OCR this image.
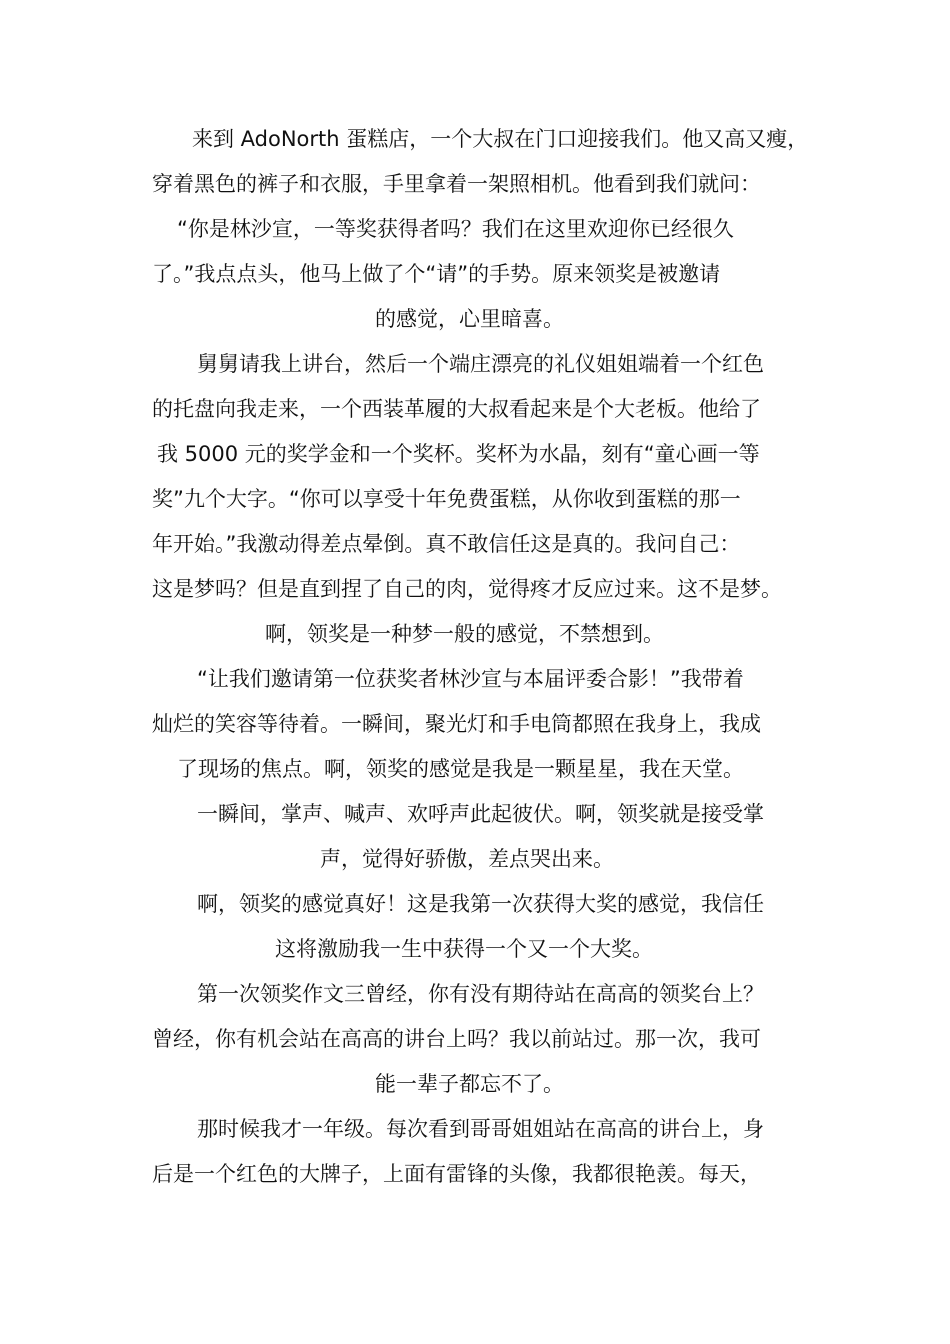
来到 AdoNorth 蛋糕店，一个大叔在门口迎接我们。他又高又瘦，
穿着黑色的裤子和衣服，手里拿着一架照相机。他看到我们就问：
“你是林沙宣，一等奖获得者吗？我们在这里欢迎你已经很久
了。”我点点头，他马上做了个“请”的手势。原来领奖是被邀请
的感觉，心里暗喜。
舅舅请我上讲台，然后一个端庄漂亮的礼仪姐姐端着一个红色
的托盘向我走来，一个西装革履的大叔看起来是个大老板。他给了
我 5000 元的奖学金和一个奖杯。奖杯为水晶，刻有“童心画一等
奖”九个大字。“你可以享受十年免费蛋糕，从你收到蛋糕的那一
年开始。”我激动得差点晕倒。真不敢信任这是真的。我问自己：
这是梦吗？但是直到捏了自己的肉，觉得疼才反应过来。这不是梦。
啊，领奖是一种梦一般的感觉，不禁想到。
“让我们邀请第一位获奖者林沙宣与本届评委合影！”我带着
灿烂的笑容等待着。一瞬间，聚光灯和手电筒都照在我身上，我成
了现场的焦点。啊，领奖的感觉是我是一颗星星，我在天堂。
一瞬间，掌声、喊声、欢呼声此起彼伏。啊，领奖就是接受掌
声，觉得好骄傲，差点哭出来。
啊，领奖的感觉真好！这是我第一次获得大奖的感觉，我信任
这将激励我一生中获得一个又一个大奖。
第一次领奖作文三曾经，你有没有期待站在高高的领奖台上？
曾经，你有机会站在高高的讲台上吗？我以前站过。那一次，我可
能一辈子都忘不了。
那时候我才一年级。每次看到哥哥姐姐站在高高的讲台上，身
后是一个红色的大牌子，上面有雷锋的头像，我都很艳羡。每天，
